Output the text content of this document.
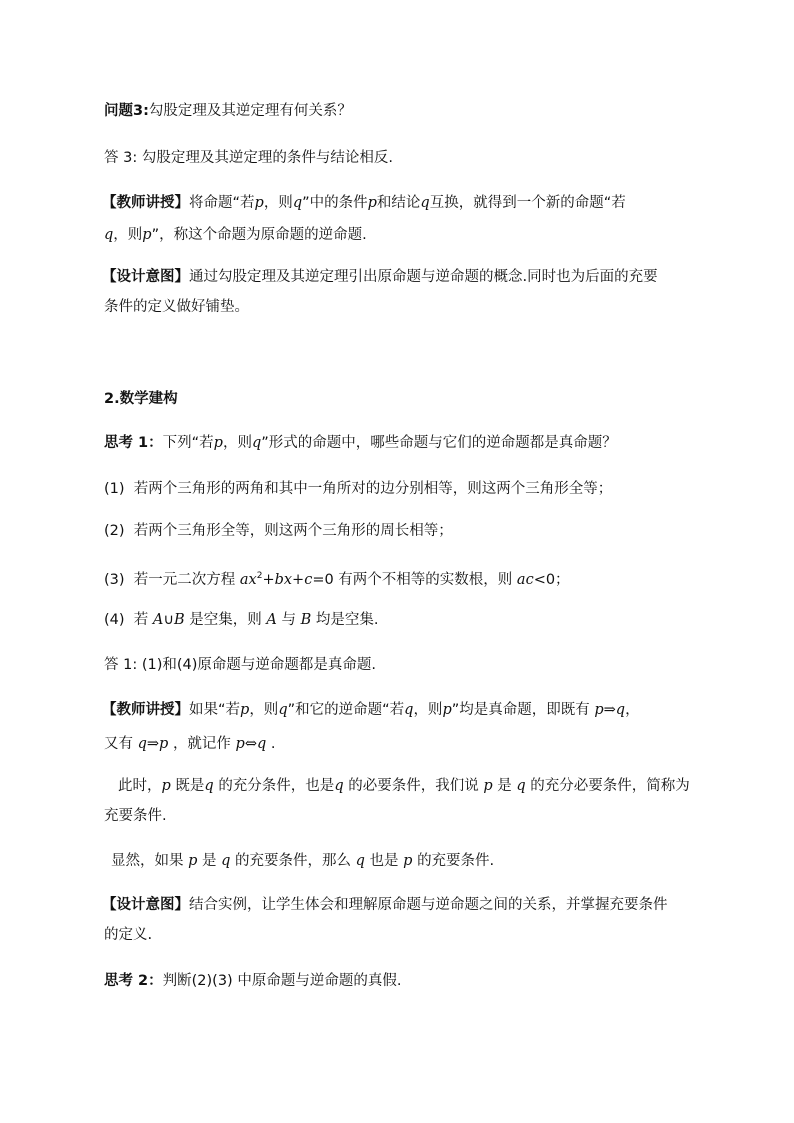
问题3:勾股定理及其逆定理有何关系？
答 3: 勾股定理及其逆定理的条件与结论相反.
【教师讲授】将命题“若p，则q”中的条件p和结论q互换，就得到一个新的命题“若
q，则p”，称这个命题为原命题的逆命题.
【设计意图】通过勾股定理及其逆定理引出原命题与逆命题的概念.同时也为后面的充要
条件的定义做好铺垫。
2.数学建构
思考 1：下列“若p，则q”形式的命题中，哪些命题与它们的逆命题都是真命题？
(1) 若两个三角形的两角和其中一角所对的边分别相等，则这两个三角形全等；
(2) 若两个三角形全等，则这两个三角形的周长相等；
(3) 若一元二次方程 $ax^2+bx+c=0$ 有两个不相等的实数根，则 ac<0；
(4) 若 A∪B 是空集，则 A 与 B 均是空集.
答 1: (1)和(4)原命题与逆命题都是真命题.
【教师讲授】如果“若p，则q”和它的逆命题“若q，则p”均是真命题，即既有 p⇒q，
又有 q⇒p ，就记作 p⇔q .
此时，p 既是q 的充分条件，也是q 的必要条件，我们说 p 是 q 的充分必要条件，简称为
充要条件.
显然，如果 p 是 q 的充要条件，那么 q 也是 p 的充要条件.
【设计意图】结合实例，让学生体会和理解原命题与逆命题之间的关系，并掌握充要条件
的定义.
思考 2：判断(2)(3) 中原命题与逆命题的真假.
